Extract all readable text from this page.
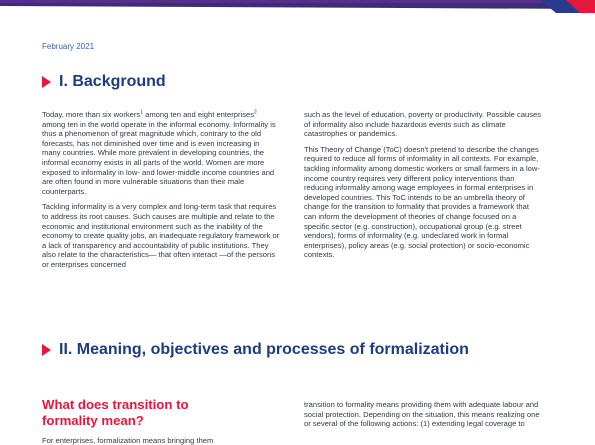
February 2021
I. Background

Today, more than six workers$^1$ among ten and eight enterprises$^2$ among ten in the world operate in the informal economy. Informality is thus a phenomenon of great magnitude which, contrary to the old forecasts, has not diminished over time and is even increasing in many countries. While more prevalent in developing countries, the informal economy exists in all parts of the world. Women are more exposed to informality in low- and lower-middle income countries and are often found in more vulnerable situations than their male counterparts.

Tackling informality is a very complex and long-term task that requires to address its root causes. Such causes are multiple and relate to the economic and institutional environment such as the inability of the economy to create quality jobs, an inadequate regulatory framework or a lack of transparency and accountability of public institutions. They also relate to the characteristics— that often interact —of the persons or enterprises concerned

such as the level of education, poverty or productivity. Possible causes of informality also include hazardous events such as climate catastrophes or pandemics.

This Theory of Change (ToC) doesn't pretend to describe the changes required to reduce all forms of informality in all contexts. For example, tackling informality among domestic workers or small farmers in a low-income country requires very different policy interventions than reducing informality among wage employees in formal enterprises in developed countries. This ToC intends to be an umbrella theory of change for the transition to formality that provides a framework that can inform the development of theories of change focused on a specific sector (e.g. construction), occupational group (e.g. street vendors), forms of informality (e.g. undeclared work in formal enterprises), policy areas (e.g. social protection) or socio-economic contexts.

II. Meaning, objectives and processes of formalization
What does transition to formality mean?
For enterprises, formalization means bringing them
transition to formality means providing them with adequate labour and social protection. Depending on the situation, this means realizing one or several of the following actions: (1) extending legal coverage to
